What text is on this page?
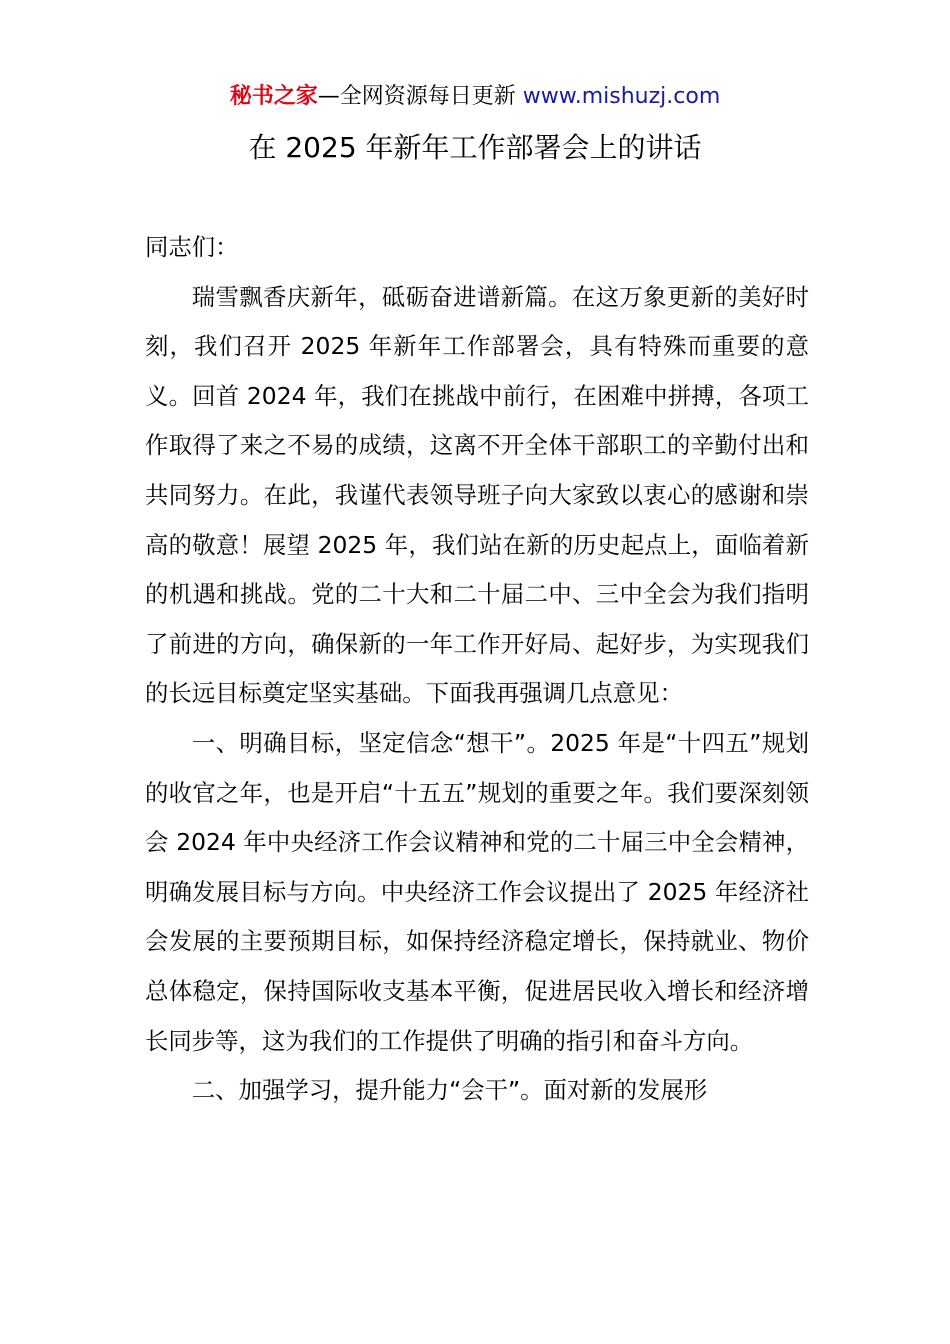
秘书之家—全网资源每日更新 www.mishuzj.com
在 2025 年新年工作部署会上的讲话

同志们：

瑞雪飘香庆新年，砥砺奋进谱新篇。在这万象更新的美好时刻，我们召开 2025 年新年工作部署会，具有特殊而重要的意义。回首 2024 年，我们在挑战中前行，在困难中拼搏，各项工作取得了来之不易的成绩，这离不开全体干部职工的辛勤付出和共同努力。在此，我谨代表领导班子向大家致以衷心的感谢和崇高的敬意！展望 2025 年，我们站在新的历史起点上，面临着新的机遇和挑战。党的二十大和二十届二中、三中全会为我们指明了前进的方向，确保新的一年工作开好局、起好步，为实现我们的长远目标奠定坚实基础。下面我再强调几点意见：

一、明确目标，坚定信念“想干”。2025 年是“十四五”规划的收官之年，也是开启“十五五”规划的重要之年。我们要深刻领会 2024 年中央经济工作会议精神和党的二十届三中全会精神，明确发展目标与方向。中央经济工作会议提出了 2025 年经济社会发展的主要预期目标，如保持经济稳定增长，保持就业、物价总体稳定，保持国际收支基本平衡，促进居民收入增长和经济增长同步等，这为我们的工作提供了明确的指引和奋斗方向。

二、加强学习，提升能力“会干”。面对新的发展形
